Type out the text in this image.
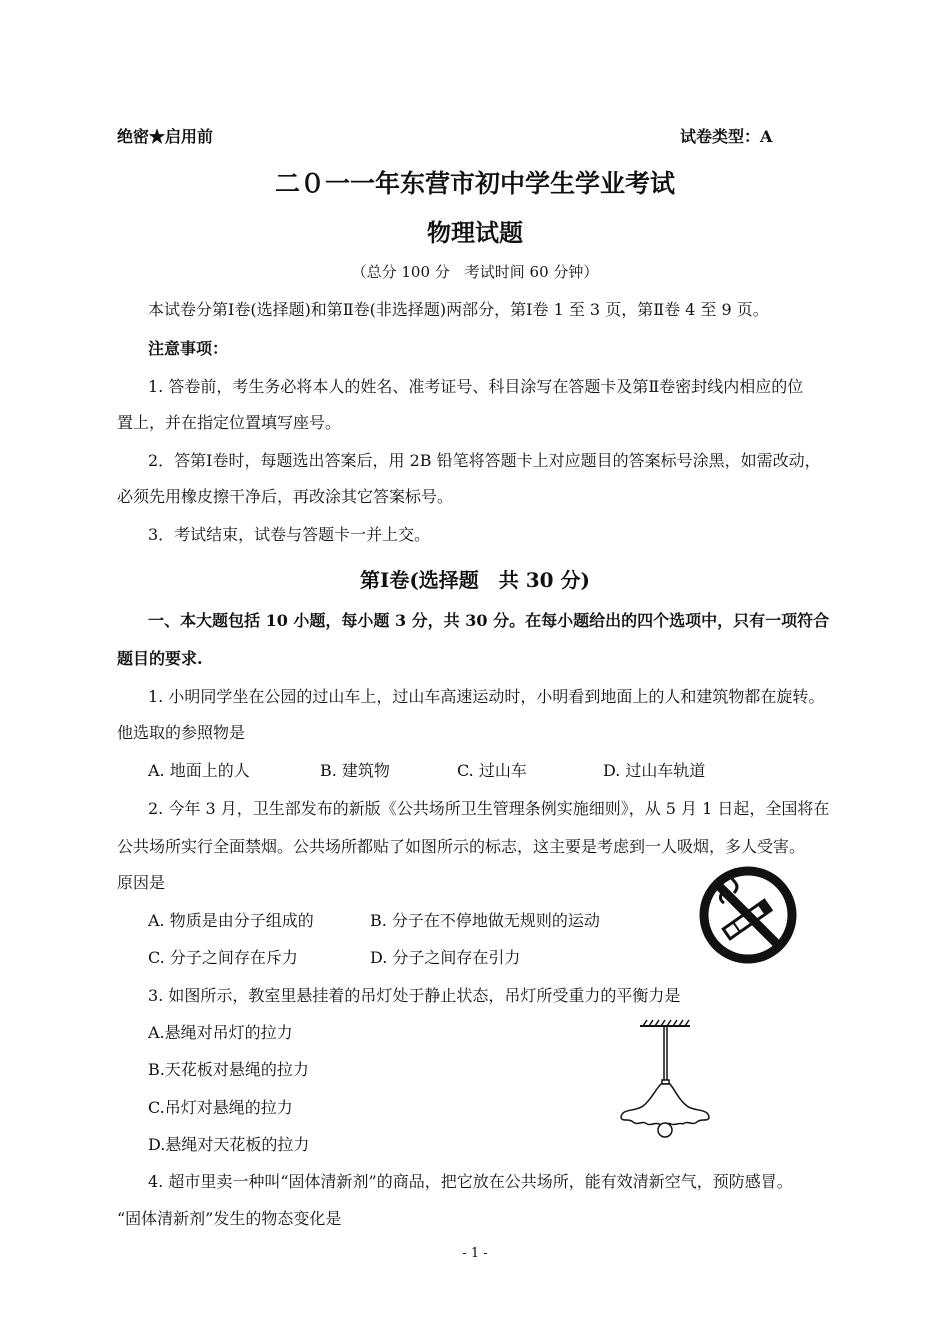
绝密★启用前	试卷类型：A
二０一一年东营市初中学生学业考试
物理试题
（总分 100 分　考试时间 60 分钟）
本试卷分第Ⅰ卷(选择题)和第Ⅱ卷(非选择题)两部分，第Ⅰ卷 1 至 3 页，第Ⅱ卷 4 至 9 页。
注意事项：
1. 答卷前，考生务必将本人的姓名、准考证号、科目涂写在答题卡及第Ⅱ卷密封线内相应的位
置上，并在指定位置填写座号。
2．答第Ⅰ卷时，每题选出答案后，用 2B 铅笔将答题卡上对应题目的答案标号涂黑，如需改动，
必须先用橡皮擦干净后，再改涂其它答案标号。
3．考试结束，试卷与答题卡一并上交。
第Ⅰ卷(选择题　共 30 分)
一、本大题包括 10 小题，每小题 3 分，共 30 分。在每小题给出的四个选项中，只有一项符合
题目的要求.
1. 小明同学坐在公园的过山车上，过山车高速运动时，小明看到地面上的人和建筑物都在旋转。
他选取的参照物是
A. 地面上的人	B. 建筑物	C. 过山车	D. 过山车轨道
2. 今年 3 月，卫生部发布的新版《公共场所卫生管理条例实施细则》，从 5 月 1 日起，全国将在
公共场所实行全面禁烟。公共场所都贴了如图所示的标志，这主要是考虑到一人吸烟，多人受害。
原因是
A. 物质是由分子组成的	B. 分子在不停地做无规则的运动
C. 分子之间存在斥力	D. 分子之间存在引力
3. 如图所示，教室里悬挂着的吊灯处于静止状态，吊灯所受重力的平衡力是
A.悬绳对吊灯的拉力
B.天花板对悬绳的拉力
C.吊灯对悬绳的拉力
D.悬绳对天花板的拉力
4. 超市里卖一种叫“固体清新剂”的商品，把它放在公共场所，能有效清新空气，预防感冒。
“固体清新剂”发生的物态变化是
- 1 -
